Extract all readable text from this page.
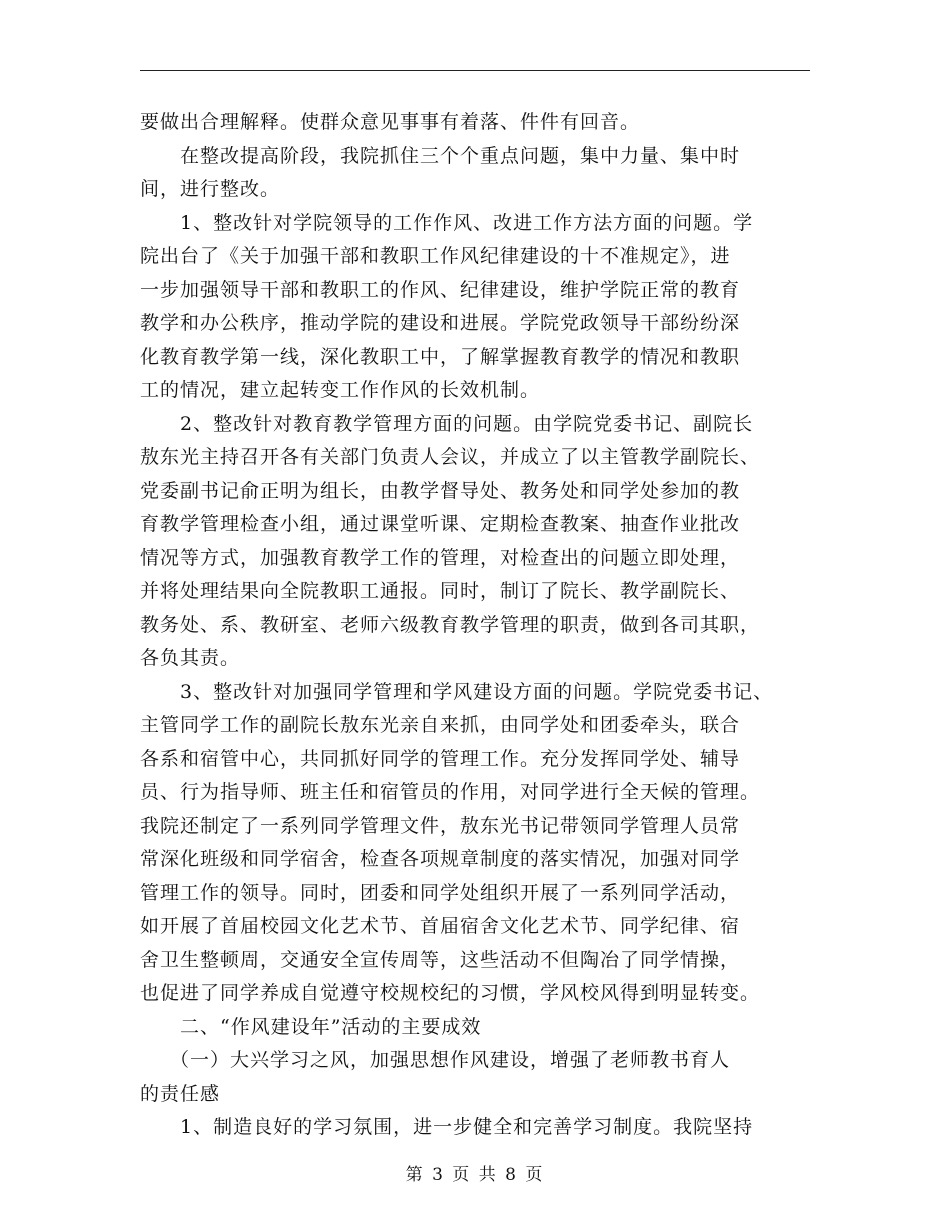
要做出合理解释。使群众意见事事有着落、件件有回音。
在整改提高阶段，我院抓住三个个重点问题，集中力量、集中时
间，进行整改。
1、整改针对学院领导的工作作风、改进工作方法方面的问题。学
院出台了《关于加强干部和教职工作风纪律建设的十不准规定》，进
一步加强领导干部和教职工的作风、纪律建设，维护学院正常的教育
教学和办公秩序，推动学院的建设和进展。学院党政领导干部纷纷深
化教育教学第一线，深化教职工中，了解掌握教育教学的情况和教职
工的情况，建立起转变工作作风的长效机制。
2、整改针对教育教学管理方面的问题。由学院党委书记、副院长
敖东光主持召开各有关部门负责人会议，并成立了以主管教学副院长、
党委副书记俞正明为组长，由教学督导处、教务处和同学处参加的教
育教学管理检查小组，通过课堂听课、定期检查教案、抽查作业批改
情况等方式，加强教育教学工作的管理，对检查出的问题立即处理，
并将处理结果向全院教职工通报。同时，制订了院长、教学副院长、
教务处、系、教研室、老师六级教育教学管理的职责，做到各司其职，
各负其责。
3、整改针对加强同学管理和学风建设方面的问题。学院党委书记、
主管同学工作的副院长敖东光亲自来抓，由同学处和团委牵头，联合
各系和宿管中心，共同抓好同学的管理工作。充分发挥同学处、辅导
员、行为指导师、班主任和宿管员的作用，对同学进行全天候的管理。
我院还制定了一系列同学管理文件，敖东光书记带领同学管理人员常
常深化班级和同学宿舍，检查各项规章制度的落实情况，加强对同学
管理工作的领导。同时，团委和同学处组织开展了一系列同学活动，
如开展了首届校园文化艺术节、首届宿舍文化艺术节、同学纪律、宿
舍卫生整顿周，交通安全宣传周等，这些活动不但陶冶了同学情操，
也促进了同学养成自觉遵守校规校纪的习惯，学风校风得到明显转变。
二、“作风建设年”活动的主要成效
（一）大兴学习之风，加强思想作风建设，增强了老师教书育人
的责任感
1、制造良好的学习氛围，进一步健全和完善学习制度。我院坚持
第 3 页 共 8 页
